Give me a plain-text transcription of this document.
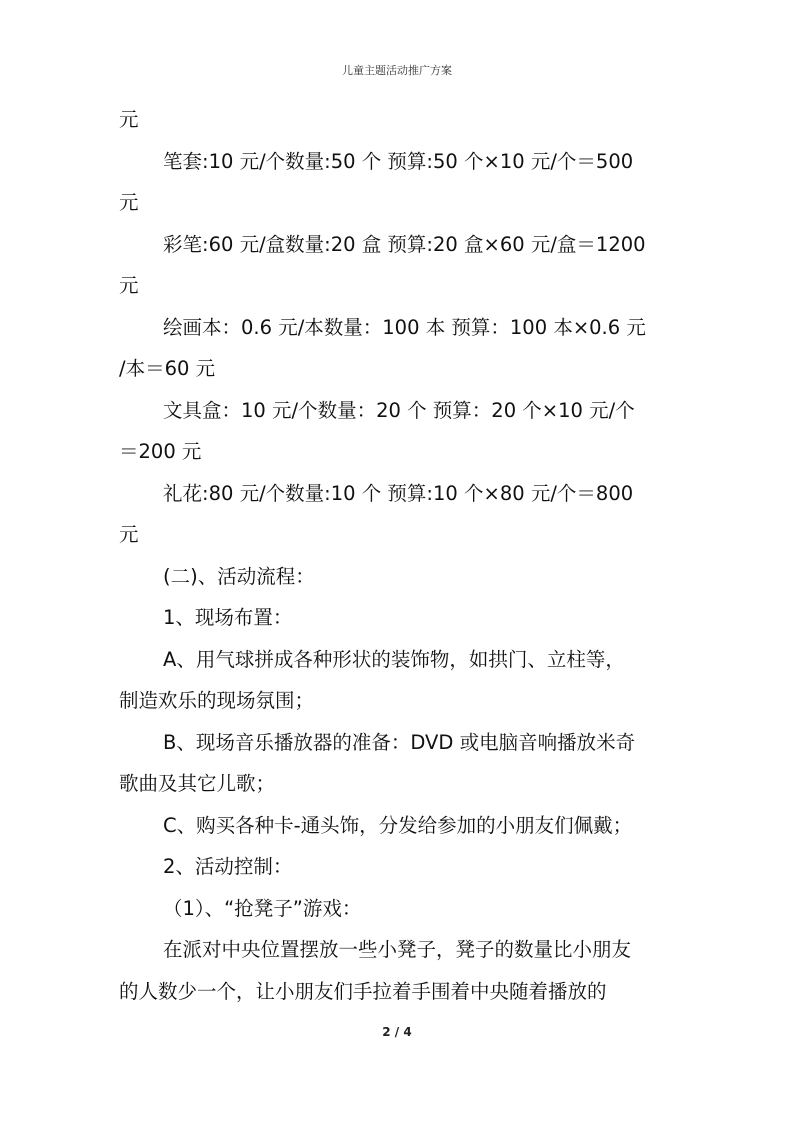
儿童主题活动推广方案
元
笔套:10 元/个数量:50 个 预算:50 个×10 元/个＝500
元
彩笔:60 元/盒数量:20 盒 预算:20 盒×60 元/盒＝1200
元
绘画本：0.6 元/本数量：100 本 预算：100 本×0.6 元
/本＝60 元
文具盒：10 元/个数量：20 个 预算：20 个×10 元/个
＝200 元
礼花:80 元/个数量:10 个 预算:10 个×80 元/个＝800
元
(二)、活动流程：
1、现场布置：
A、用气球拼成各种形状的装饰物，如拱门、立柱等，
制造欢乐的现场氛围；
B、现场音乐播放器的准备：DVD 或电脑音响播放米奇
歌曲及其它儿歌；
C、购买各种卡-通头饰，分发给参加的小朋友们佩戴；
2、活动控制：
（1）、“抢凳子”游戏：
在派对中央位置摆放一些小凳子，凳子的数量比小朋友
的人数少一个，让小朋友们手拉着手围着中央随着播放的
2 / 4
